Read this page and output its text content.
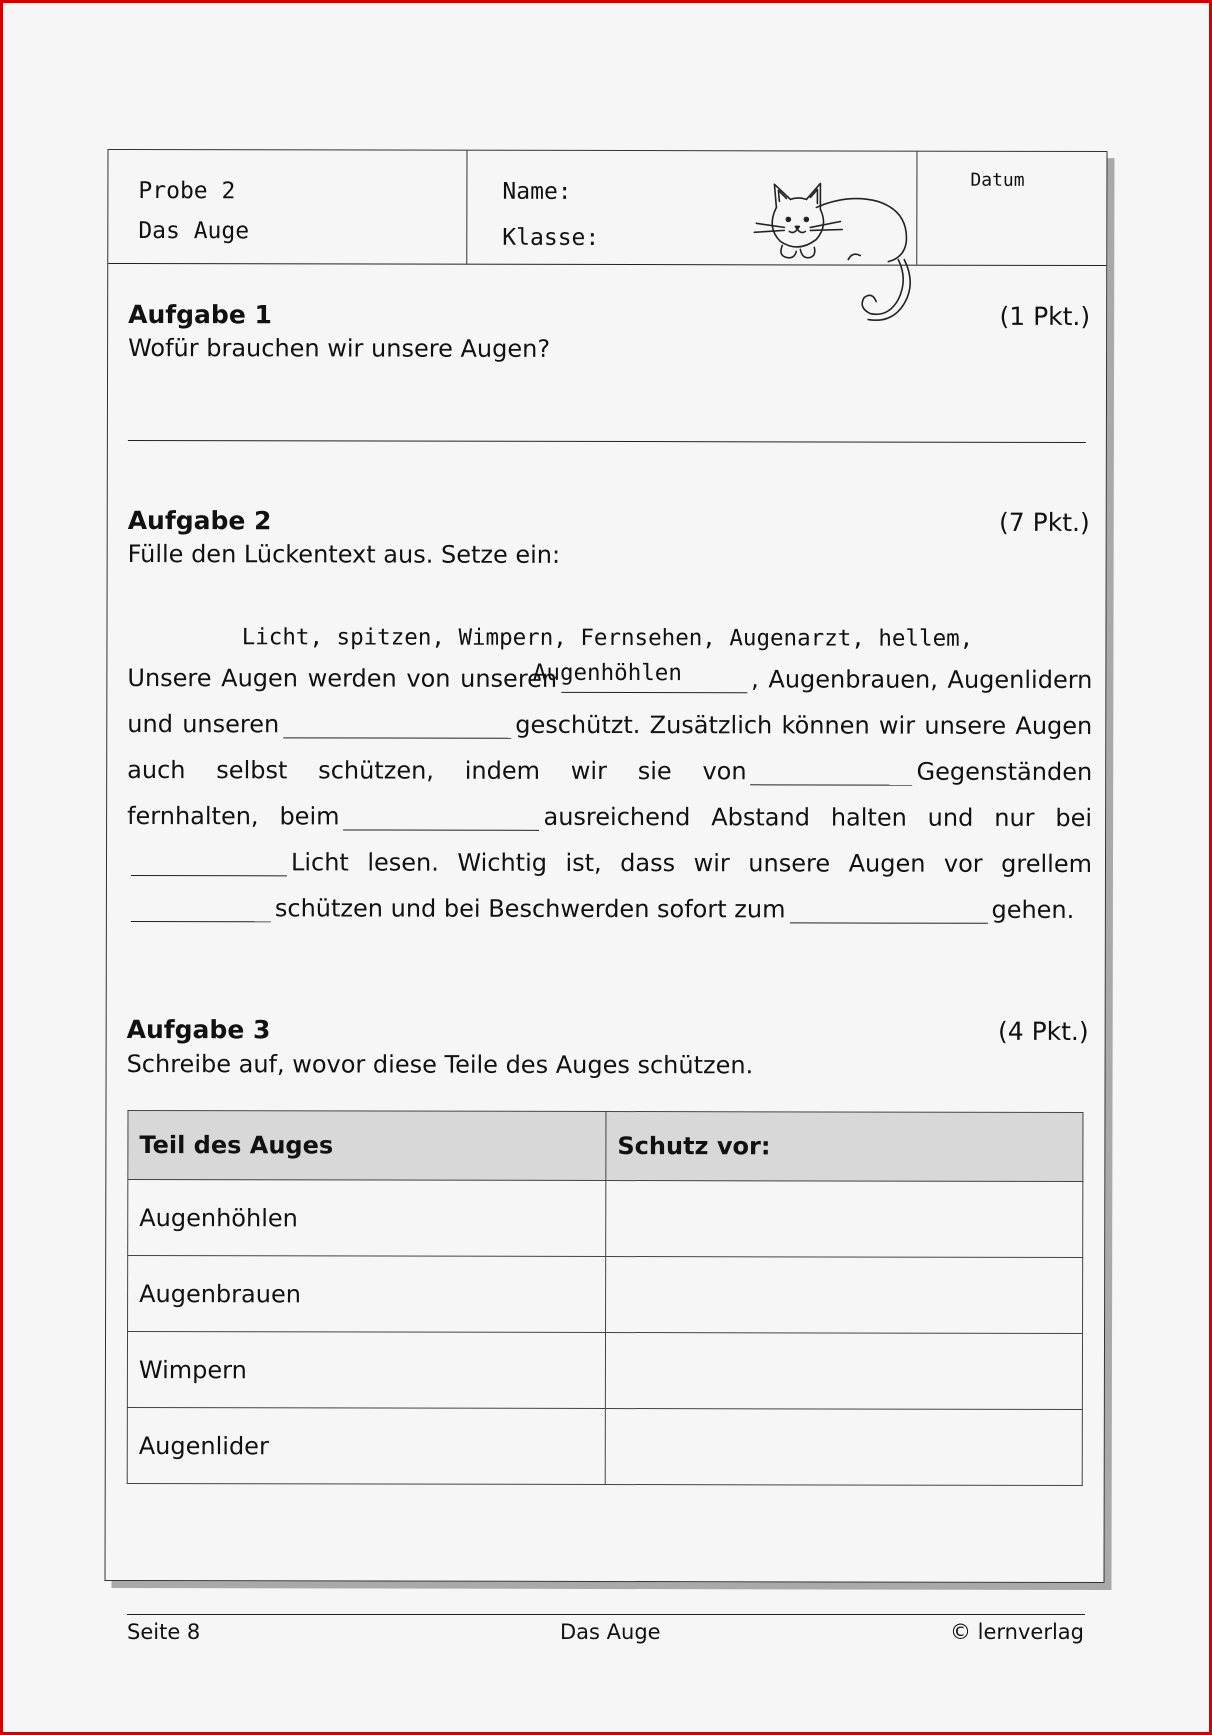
Probe 2
Das Auge
Name:
Klasse:
Datum
Aufgabe 1	(1 Pkt.)
Wofür brauchen wir unsere Augen?
Aufgabe 2	(7 Pkt.)
Fülle den Lückentext aus. Setze ein:
Licht, spitzen, Wimpern, Fernsehen, Augenarzt, hellem,
Augenhöhlen
Unsere Augen werden von unseren	, Augenbrauen, Augenlidern und unseren	geschützt. Zusätzlich können wir unsere Augen auch selbst schützen, indem wir sie von	Gegenständen fernhalten, beim	ausreichend Abstand halten und nur beiLicht lesen. Wichtig ist, dass wir unsere Augen vor grellemschützen und bei Beschwerden sofort zum	gehen.
Aufgabe 3	(4 Pkt.)
Schreibe auf, wovor diese Teile des Auges schützen.
Teil des Auges	Schutz vor:
Augenhöhlen	
Augenbrauen	
Wimpern	
Augenlider	
Seite 8	Das Auge	© lernverlag
